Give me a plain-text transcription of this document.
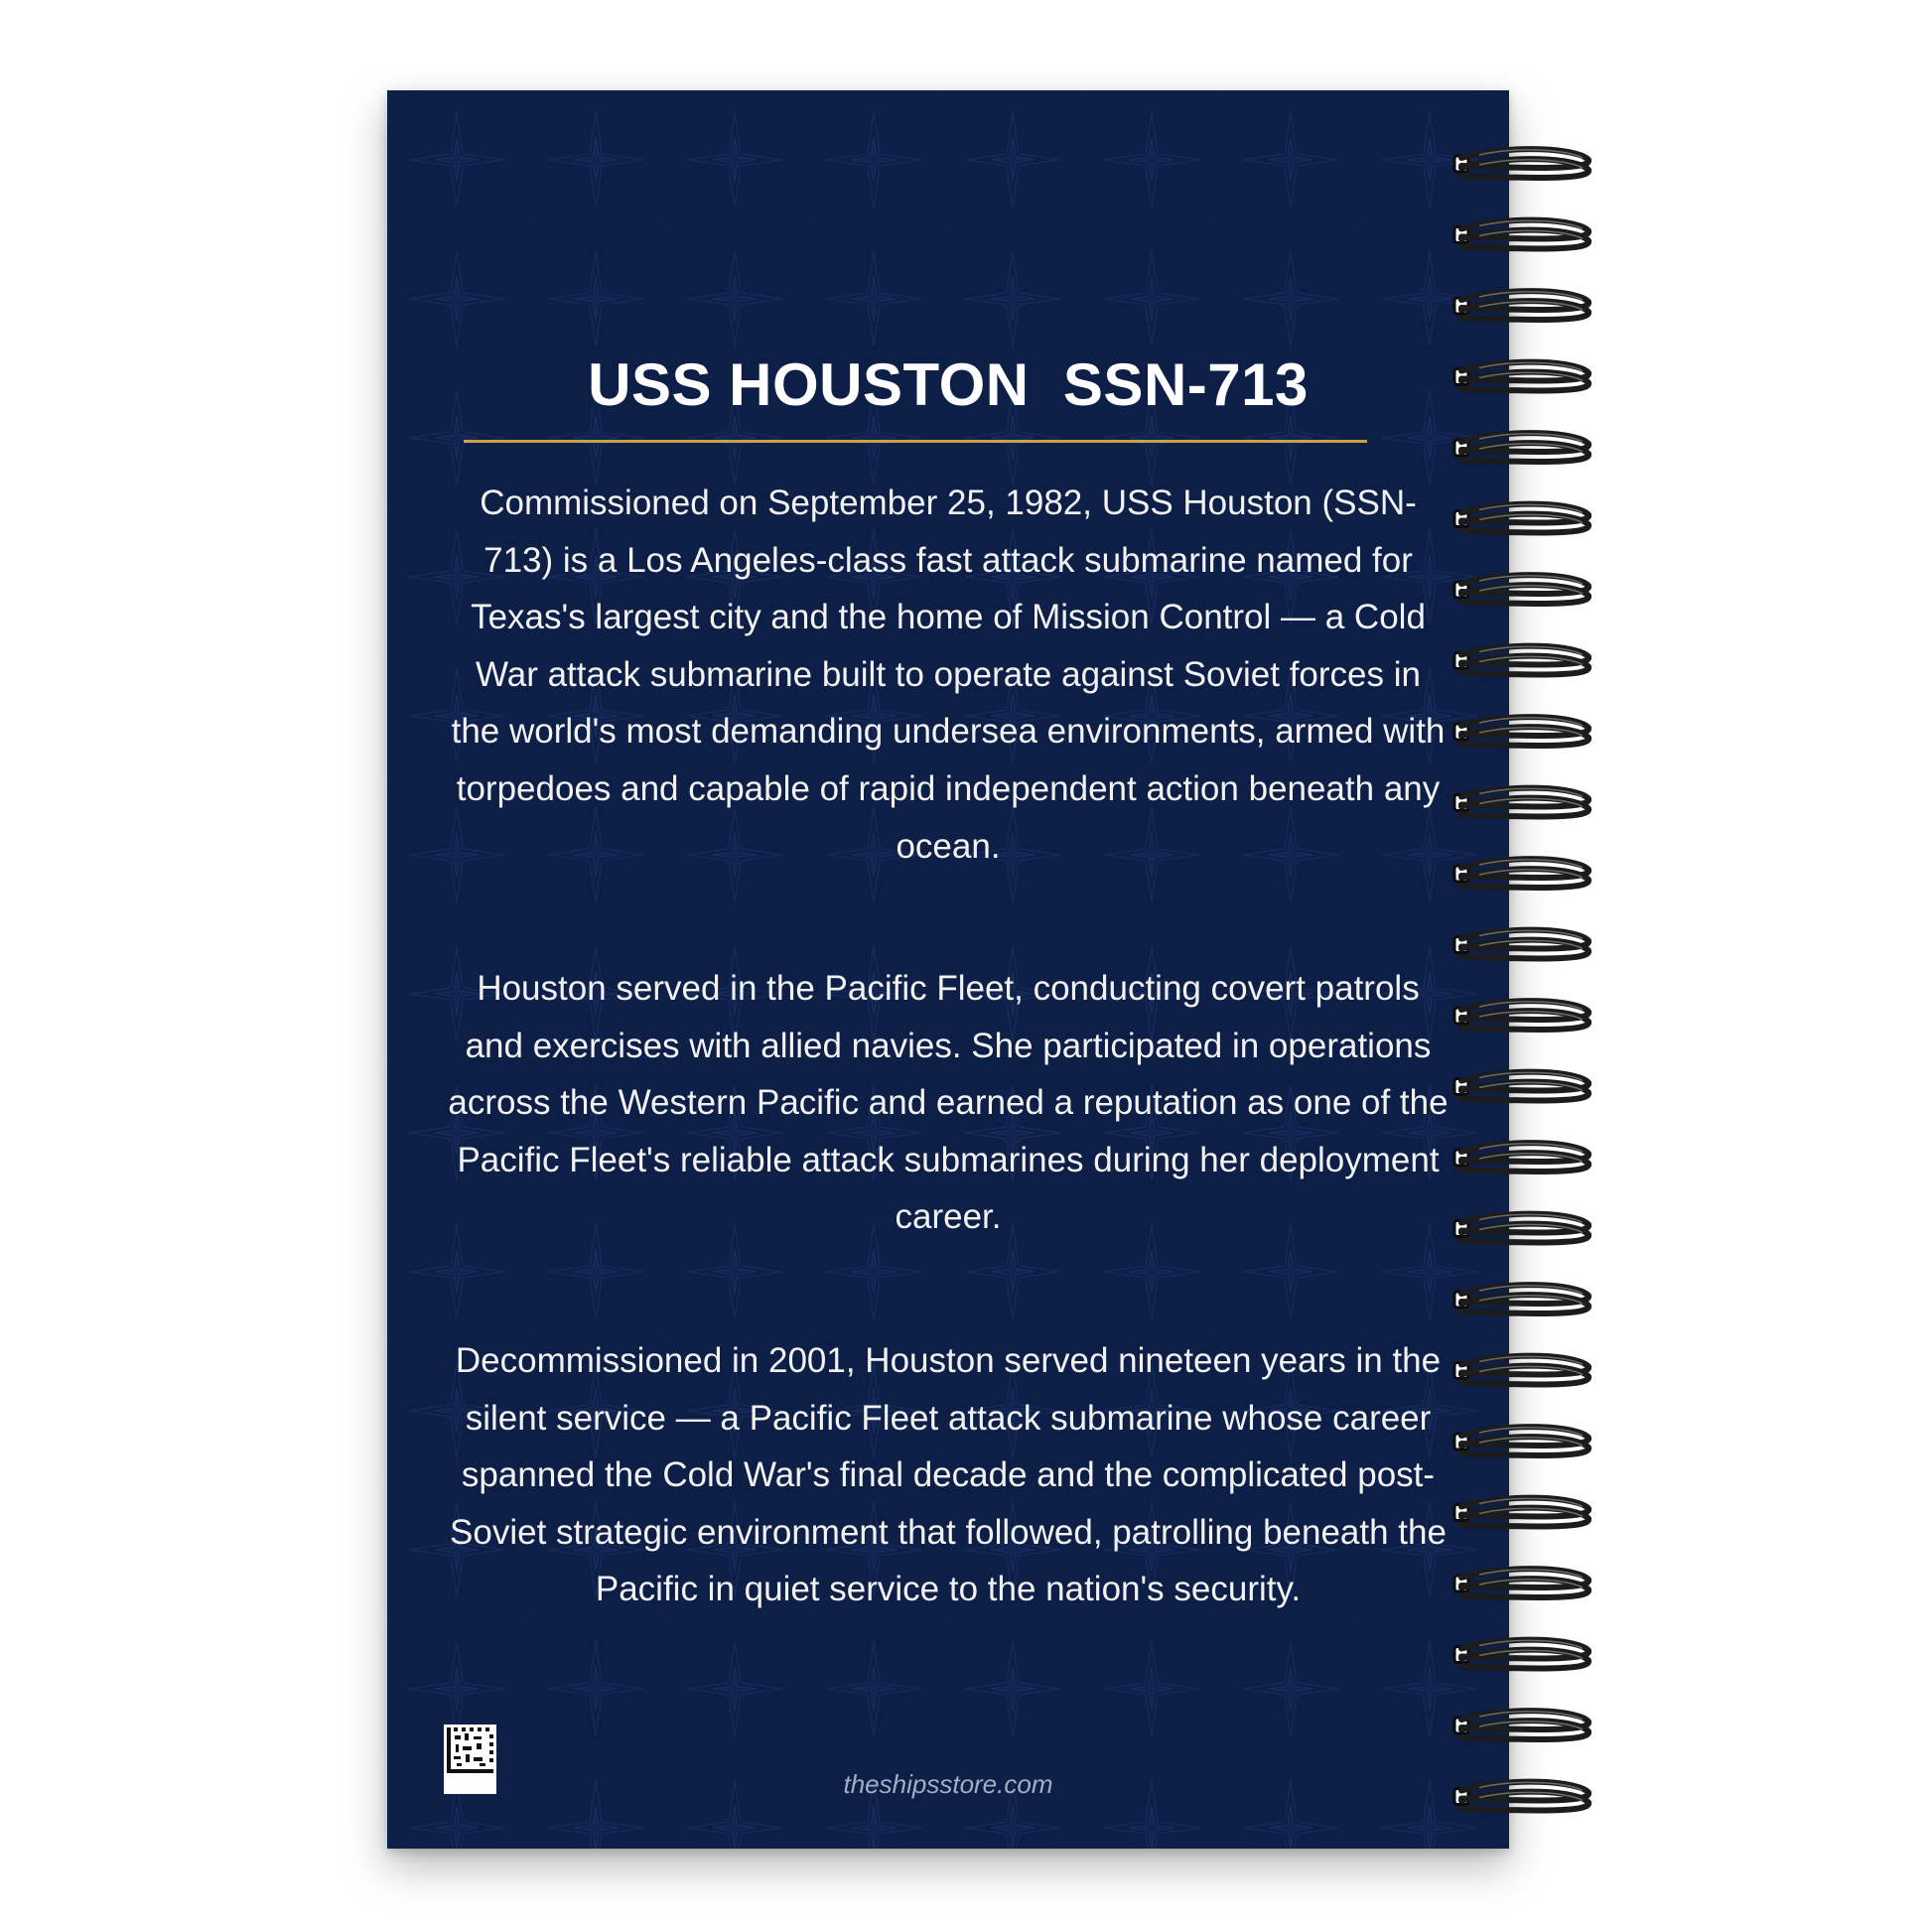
USS HOUSTON  SSN-713

Commissioned on September 25, 1982, USS Houston (SSN-713) is a Los Angeles-class fast attack submarine named for Texas's largest city and the home of Mission Control — a Cold War attack submarine built to operate against Soviet forces in the world's most demanding undersea environments, armed with torpedoes and capable of rapid independent action beneath any ocean.

Houston served in the Pacific Fleet, conducting covert patrols and exercises with allied navies. She participated in operations across the Western Pacific and earned a reputation as one of the Pacific Fleet's reliable attack submarines during her deployment career.

Decommissioned in 2001, Houston served nineteen years in the silent service — a Pacific Fleet attack submarine whose career spanned the Cold War's final decade and the complicated post-Soviet strategic environment that followed, patrolling beneath the Pacific in quiet service to the nation's security.

theshipsstore.com
